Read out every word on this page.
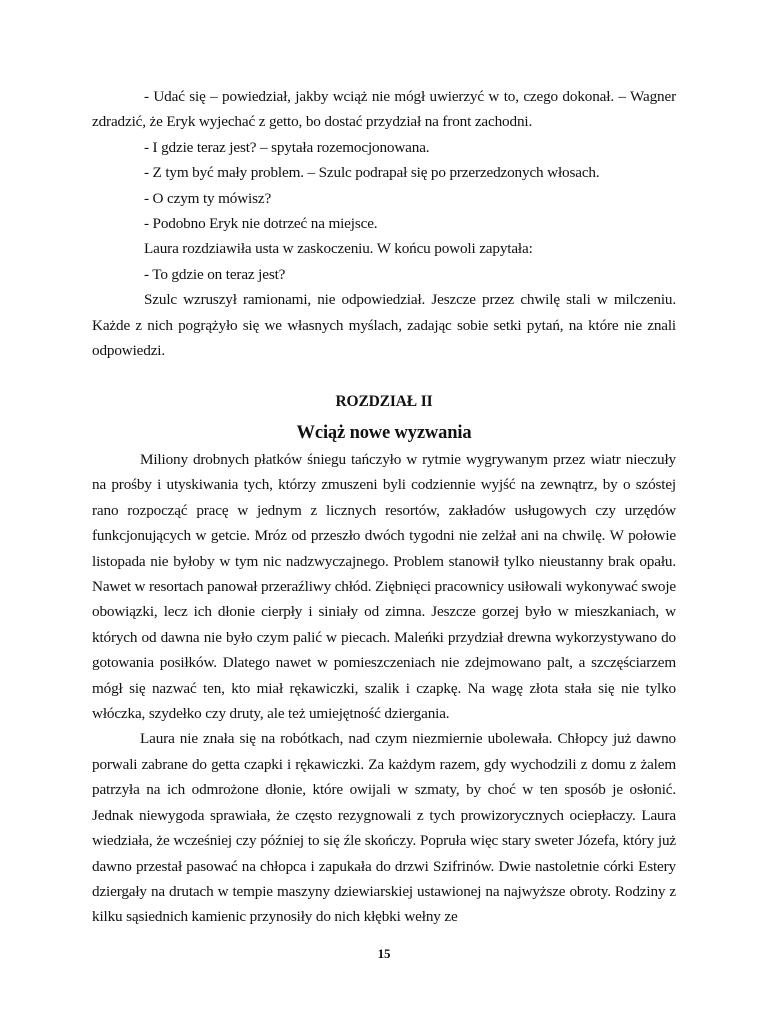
- Udać się – powiedział, jakby wciąż nie mógł uwierzyć w to, czego dokonał. – Wagner zdradzić, że Eryk wyjechać z getto, bo dostać przydział na front zachodni.

- I gdzie teraz jest? – spytała rozemocjonowana.

- Z tym być mały problem. – Szulc podrapał się po przerzedzonych włosach.

- O czym ty mówisz?

- Podobno Eryk nie dotrzeć na miejsce.

Laura rozdziawiła usta w zaskoczeniu. W końcu powoli zapytała:

- To gdzie on teraz jest?

Szulc wzruszył ramionami, nie odpowiedział. Jeszcze przez chwilę stali w milczeniu. Każde z nich pogrążyło się we własnych myślach, zadając sobie setki pytań, na które nie znali odpowiedzi.

ROZDZIAŁ II
Wciąż nowe wyzwania

Miliony drobnych płatków śniegu tańczyło w rytmie wygrywanym przez wiatr nieczuły na prośby i utyskiwania tych, którzy zmuszeni byli codziennie wyjść na zewnątrz, by o szóstej rano rozpocząć pracę w jednym z licznych resortów, zakładów usługowych czy urzędów funkcjonujących w getcie. Mróz od przeszło dwóch tygodni nie zelżał ani na chwilę. W połowie listopada nie byłoby w tym nic nadzwyczajnego. Problem stanowił tylko nieustanny brak opału. Nawet w resortach panował przeraźliwy chłód. Ziębnięci pracownicy usiłowali wykonywać swoje obowiązki, lecz ich dłonie cierpły i siniały od zimna. Jeszcze gorzej było w mieszkaniach, w których od dawna nie było czym palić w piecach. Maleńki przydział drewna wykorzystywano do gotowania posiłków. Dlatego nawet w pomieszczeniach nie zdejmowano palt, a szczęściarzem mógł się nazwać ten, kto miał rękawiczki, szalik i czapkę. Na wagę złota stała się nie tylko włóczka, szydełko czy druty, ale też umiejętność dziergania.

Laura nie znała się na robótkach, nad czym niezmiernie ubolewała. Chłopcy już dawno porwali zabrane do getta czapki i rękawiczki. Za każdym razem, gdy wychodzili z domu z żalem patrzyła na ich odmrożone dłonie, które owijali w szmaty, by choć w ten sposób je osłonić. Jednak niewygoda sprawiała, że często rezygnowali z tych prowizorycznych ociepłaczy. Laura wiedziała, że wcześniej czy później to się źle skończy. Popruła więc stary sweter Józefa, który już dawno przestał pasować na chłopca i zapukała do drzwi Szifrinów. Dwie nastoletnie córki Estery dziergały na drutach w tempie maszyny dziewiarskiej ustawionej na najwyższe obroty. Rodziny z kilku sąsiednich kamienic przynosiły do nich kłębki wełny ze

15
